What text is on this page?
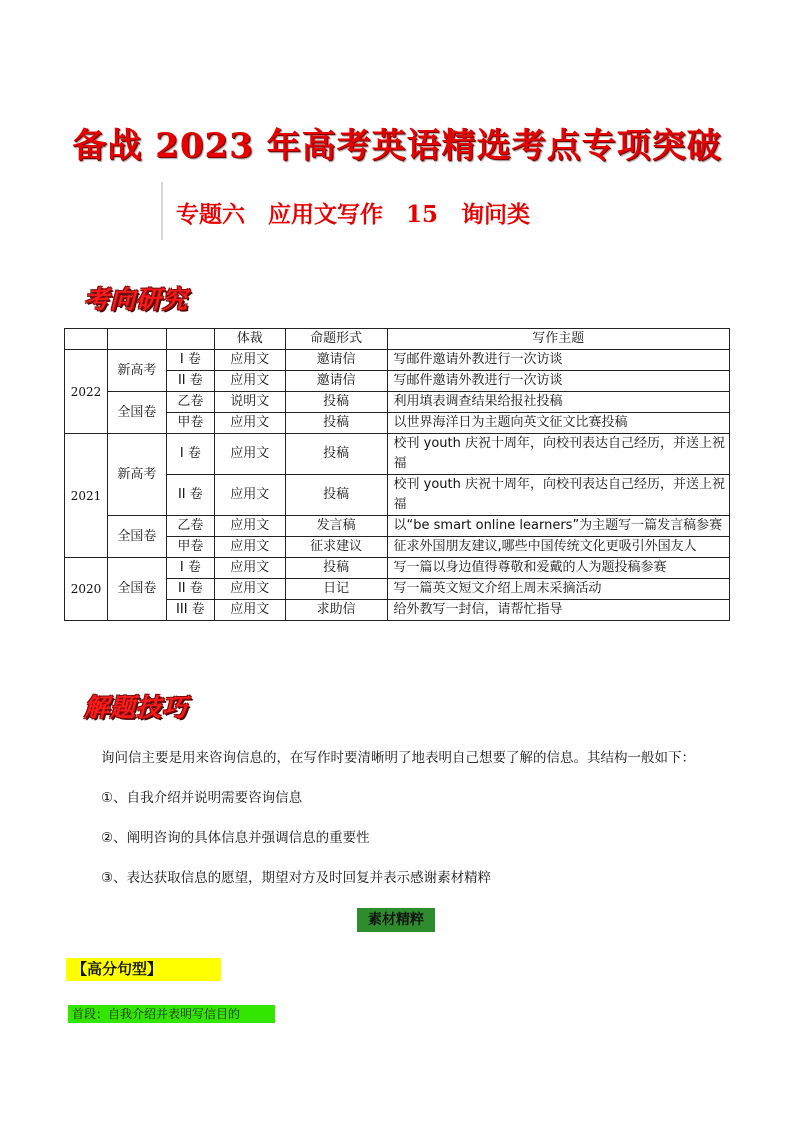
备战 2023 年高考英语精选考点专项突破
专题六　应用文写作　15　询问类
考向研究
			体裁	命题形式	写作主题
2022	新高考	I 卷	应用文	邀请信	写邮件邀请外教进行一次访谈
		II 卷	应用文	邀请信	写邮件邀请外教进行一次访谈
	全国卷	乙卷	说明文	投稿	利用填表调查结果给报社投稿
		甲卷	应用文	投稿	以世界海洋日为主题向英文征文比赛投稿
2021	新高考	I 卷	应用文	投稿	校刊 youth 庆祝十周年，向校刊表达自己经历，并送上祝福
		II 卷	应用文	投稿	校刊 youth 庆祝十周年，向校刊表达自己经历，并送上祝福
	全国卷	乙卷	应用文	发言稿	以“be smart online learners”为主题写一篇发言稿参赛
		甲卷	应用文	征求建议	征求外国朋友建议,哪些中国传统文化更吸引外国友人
2020	全国卷	I 卷	应用文	投稿	写一篇以身边值得尊敬和爱戴的人为题投稿参赛
		II 卷	应用文	日记	写一篇英文短文介绍上周末采摘活动
		III 卷	应用文	求助信	给外教写一封信，请帮忙指导
解题技巧
询问信主要是用来咨询信息的，在写作时要清晰明了地表明自己想要了解的信息。其结构一般如下：
①、自我介绍并说明需要咨询信息
②、阐明咨询的具体信息并强调信息的重要性
③、表达获取信息的愿望，期望对方及时回复并表示感谢素材精粹
素材精粹
【高分句型】
首段：自我介绍并表明写信目的
